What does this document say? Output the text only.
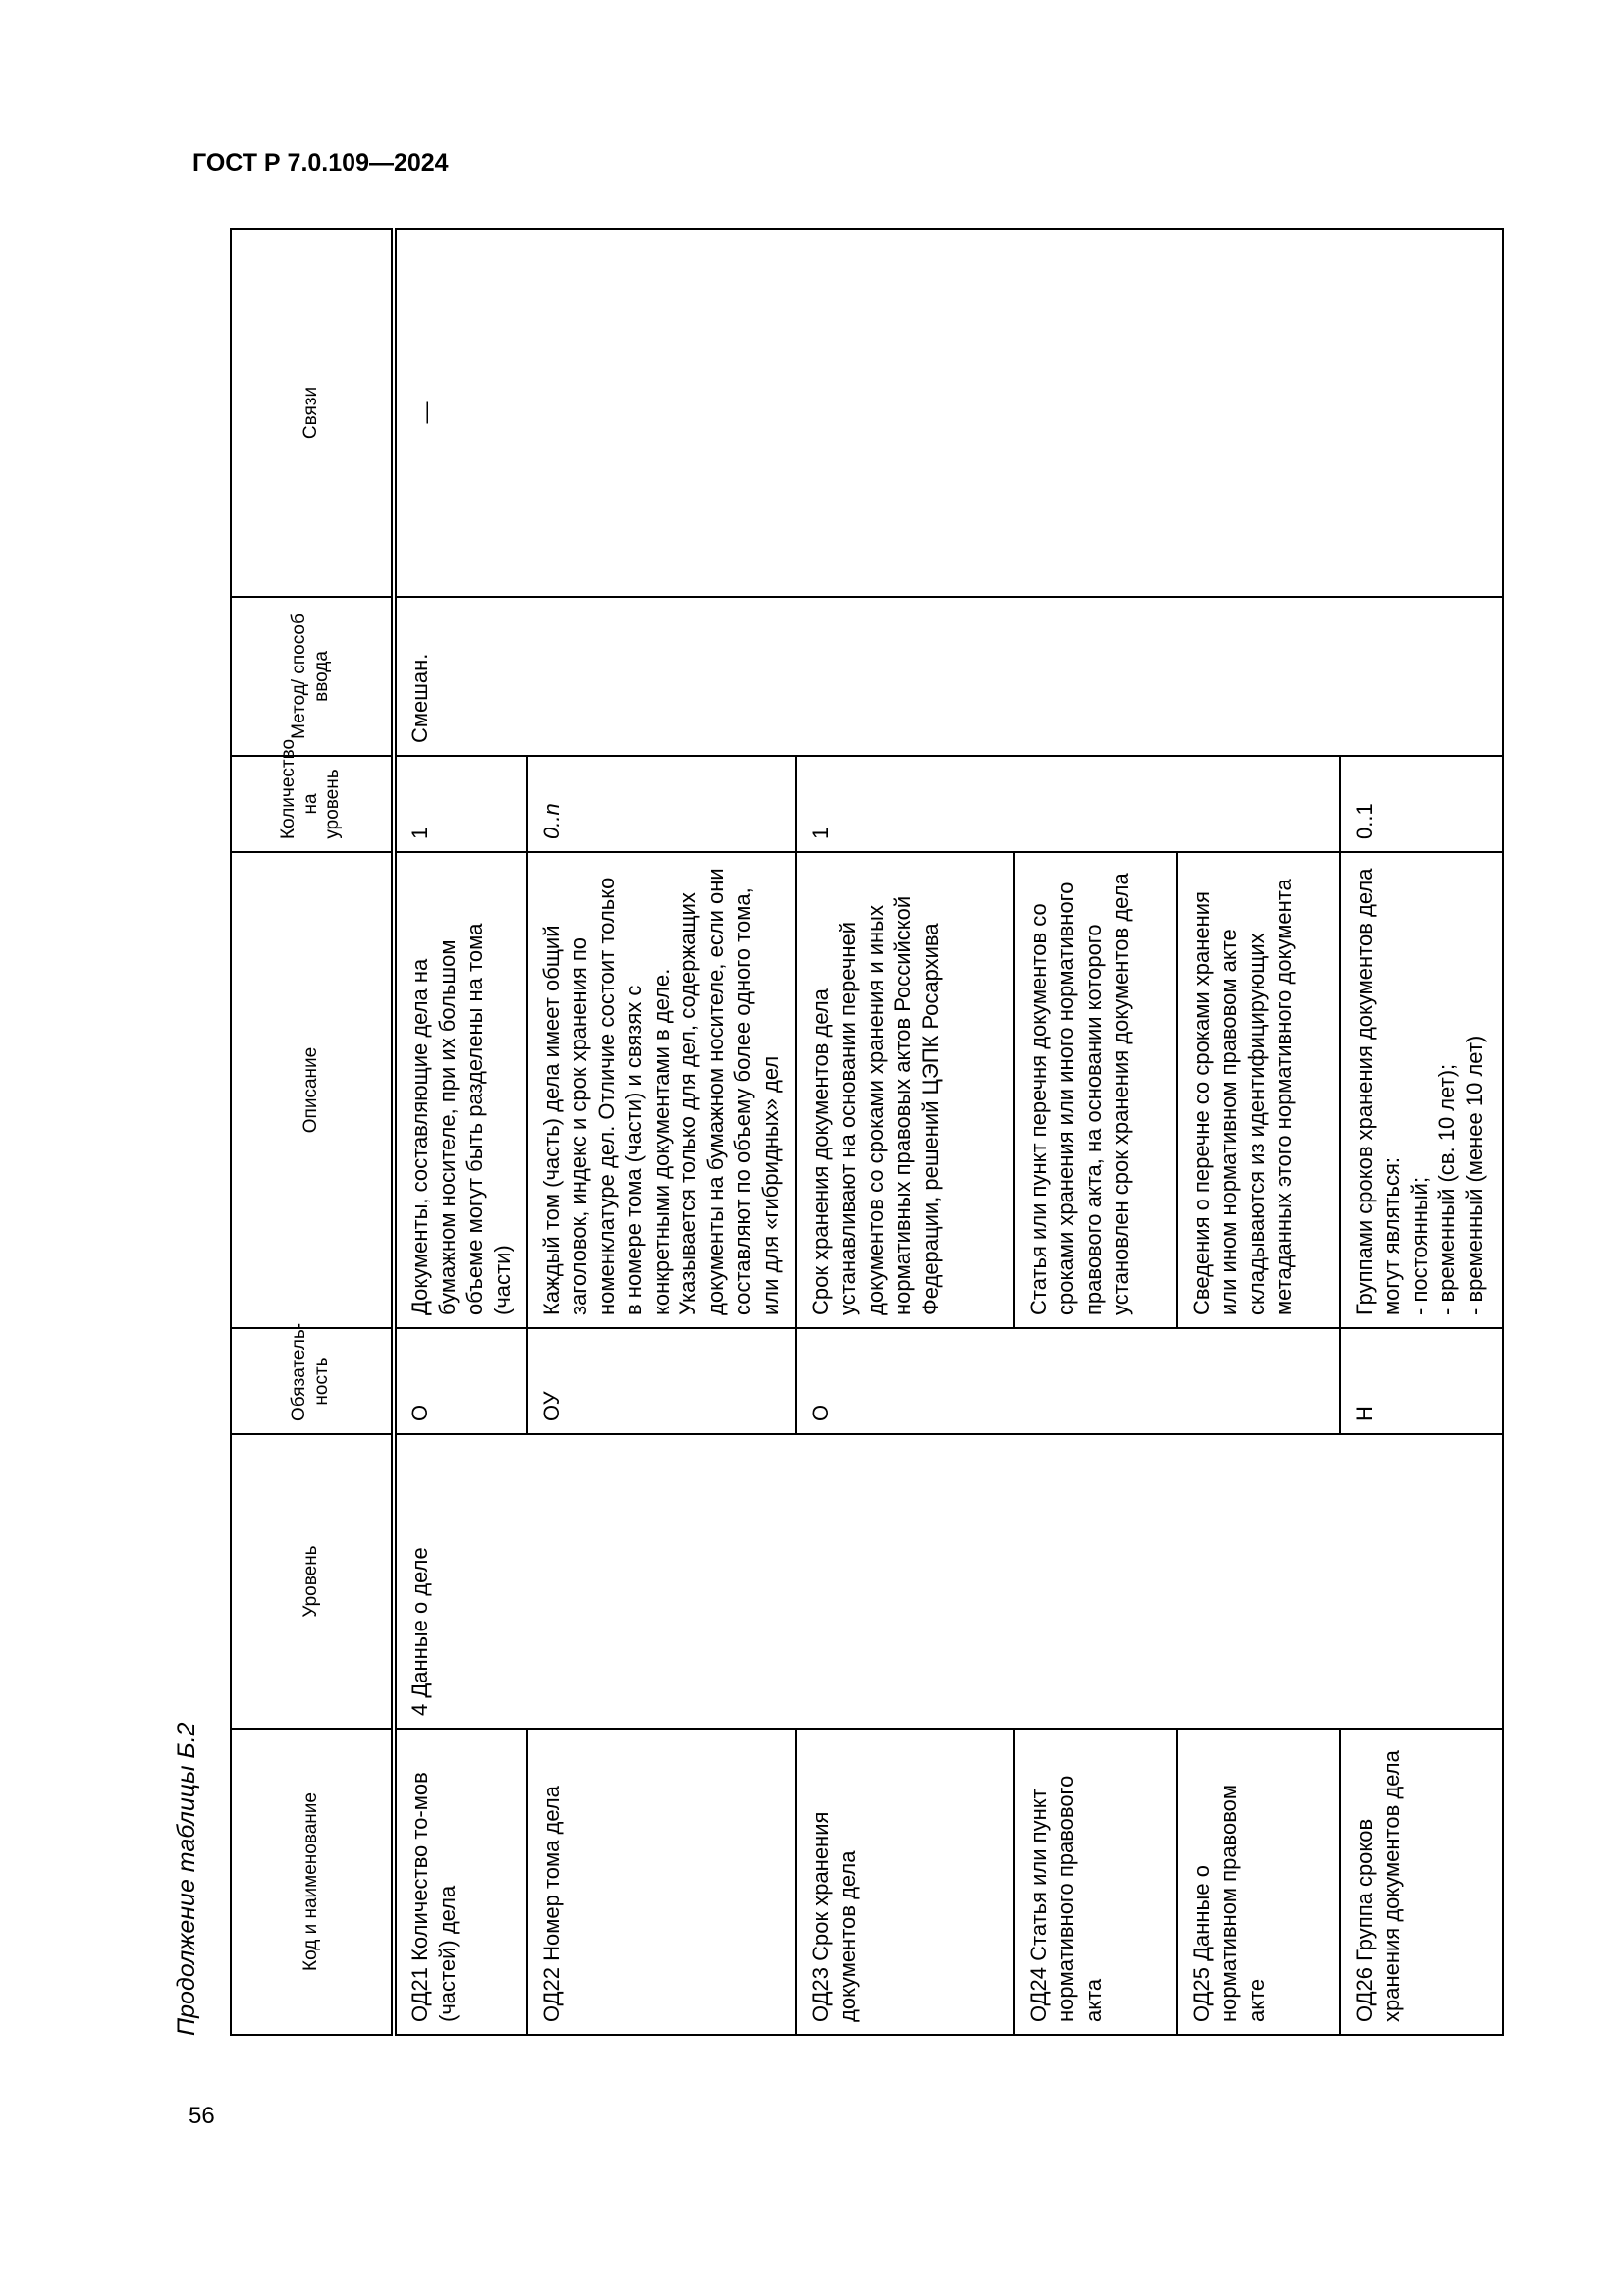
ГОСТ Р 7.0.109—2024
56
Продолжение таблицы Б.2	Код и наименование	Уровень	Обязатель-ность	Описание	Количество на уровень	Метод/ способ ввода	Связи
ОД21 Количество то-мов (частей) дела	4 Данные о деле	О	Документы, составляющие дела на бумажном носителе, при их большом объеме могут быть разделены на тома (части)	1	Смешан.	—

ОД22 Номер тома дела		ОУ	Каждый том (часть) дела имеет общий заголовок, индекс и срок хранения по номенклатуре дел. Отличие состоит только в номере тома (части) и связях с конкретными документами в деле. Указывается только для дел, содержащих документы на бумажном носителе, если они составляют по объему более одного тома, или для «гибридных» дел	0..n		
ОД23 Срок хранения документов дела		О	Срок хранения документов дела устанавливают на основании перечней документов со сроками хранения и иных нормативных правовых актов Российской Федерации, решений ЦЭПК Росархива	1		
ОД24 Статья или пункт нормативного правового акта			Статья или пункт перечня документов со сроками хранения или иного нормативного правового акта, на основании которого установлен срок хранения документов дела			
ОД25 Данные о нормативном правовом акте			Сведения о перечне со сроками хранения или ином нормативном правовом акте складываются из идентифицирующих метаданных этого нормативного документа			
ОД26 Группа сроков хранения документов дела		Н	Группами сроков хранения документов дела могут являться: - постоянный; - временный (св. 10 лет); - временный (менее 10 лет)	0..1		
